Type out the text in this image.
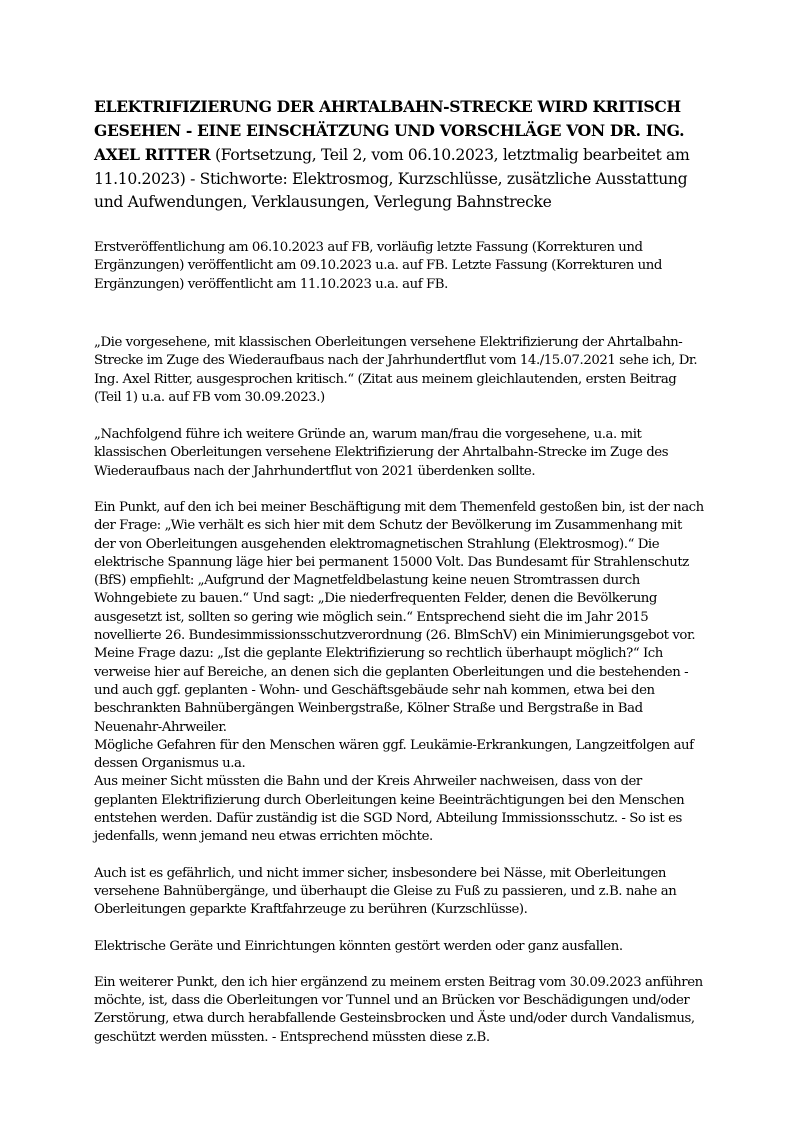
ELEKTRIFIZIERUNG DER AHRTALBAHN-STRECKE WIRD KRITISCH GESEHEN - EINE EINSCHÄTZUNG UND VORSCHLÄGE VON DR. ING. AXEL RITTER (Fortsetzung, Teil 2, vom 06.10.2023, letztmalig bearbeitet am 11.10.2023) - Stichworte: Elektrosmog, Kurzschlüsse, zusätzliche Ausstattung und Aufwendungen, Verklausungen, Verlegung Bahnstrecke

Erstveröffentlichung am 06.10.2023 auf FB, vorläufig letzte Fassung (Korrekturen und Ergänzungen) veröffentlicht am 09.10.2023 u.a. auf FB. Letzte Fassung (Korrekturen und Ergänzungen) veröffentlicht am 11.10.2023 u.a. auf FB.

„Die vorgesehene, mit klassischen Oberleitungen versehene Elektrifizierung der Ahrtalbahn-Strecke im Zuge des Wiederaufbaus nach der Jahrhundertflut vom 14./15.07.2021 sehe ich, Dr. Ing. Axel Ritter, ausgesprochen kritisch.“ (Zitat aus meinem gleichlautenden, ersten Beitrag (Teil 1) u.a. auf FB vom 30.09.2023.)

„Nachfolgend führe ich weitere Gründe an, warum man/frau die vorgesehene, u.a. mit klassischen Oberleitungen versehene Elektrifizierung der Ahrtalbahn-Strecke im Zuge des Wiederaufbaus nach der Jahrhundertflut von 2021 überdenken sollte.

Ein Punkt, auf den ich bei meiner Beschäftigung mit dem Themenfeld gestoßen bin, ist der nach der Frage: „Wie verhält es sich hier mit dem Schutz der Bevölkerung im Zusammenhang mit der von Oberleitungen ausgehenden elektromagnetischen Strahlung (Elektrosmog).“ Die elektrische Spannung läge hier bei permanent 15000 Volt. Das Bundesamt für Strahlenschutz (BfS) empfiehlt: „Aufgrund der Magnetfeldbelastung keine neuen Stromtrassen durch Wohngebiete zu bauen.“ Und sagt: „Die niederfrequenten Felder, denen die Bevölkerung ausgesetzt ist, sollten so gering wie möglich sein.“ Entsprechend sieht die im Jahr 2015 novellierte 26. Bundesimmissionsschutzverordnung (26. BlmSchV) ein Minimierungsgebot vor.

Meine Frage dazu: „Ist die geplante Elektrifizierung so rechtlich überhaupt möglich?“ Ich verweise hier auf Bereiche, an denen sich die geplanten Oberleitungen und die bestehenden - und auch ggf. geplanten - Wohn- und Geschäftsgebäude sehr nah kommen, etwa bei den beschrankten Bahnübergängen Weinbergstraße, Kölner Straße und Bergstraße in Bad Neuenahr-Ahrweiler.

Mögliche Gefahren für den Menschen wären ggf. Leukämie-Erkrankungen, Langzeitfolgen auf dessen Organismus u.a.

Aus meiner Sicht müssten die Bahn und der Kreis Ahrweiler nachweisen, dass von der geplanten Elektrifizierung durch Oberleitungen keine Beeinträchtigungen bei den Menschen entstehen werden. Dafür zuständig ist die SGD Nord, Abteilung Immissionsschutz. - So ist es jedenfalls, wenn jemand neu etwas errichten möchte.

Auch ist es gefährlich, und nicht immer sicher, insbesondere bei Nässe, mit Oberleitungen versehene Bahnübergänge, und überhaupt die Gleise zu Fuß zu passieren, und z.B. nahe an Oberleitungen geparkte Kraftfahrzeuge zu berühren (Kurzschlüsse).

Elektrische Geräte und Einrichtungen könnten gestört werden oder ganz ausfallen.

Ein weiterer Punkt, den ich hier ergänzend zu meinem ersten Beitrag vom 30.09.2023 anführen möchte, ist, dass die Oberleitungen vor Tunnel und an Brücken vor Beschädigungen und/oder Zerstörung, etwa durch herabfallende Gesteinsbrocken und Äste und/oder durch Vandalismus, geschützt werden müssten. - Entsprechend müssten diese z.B.
